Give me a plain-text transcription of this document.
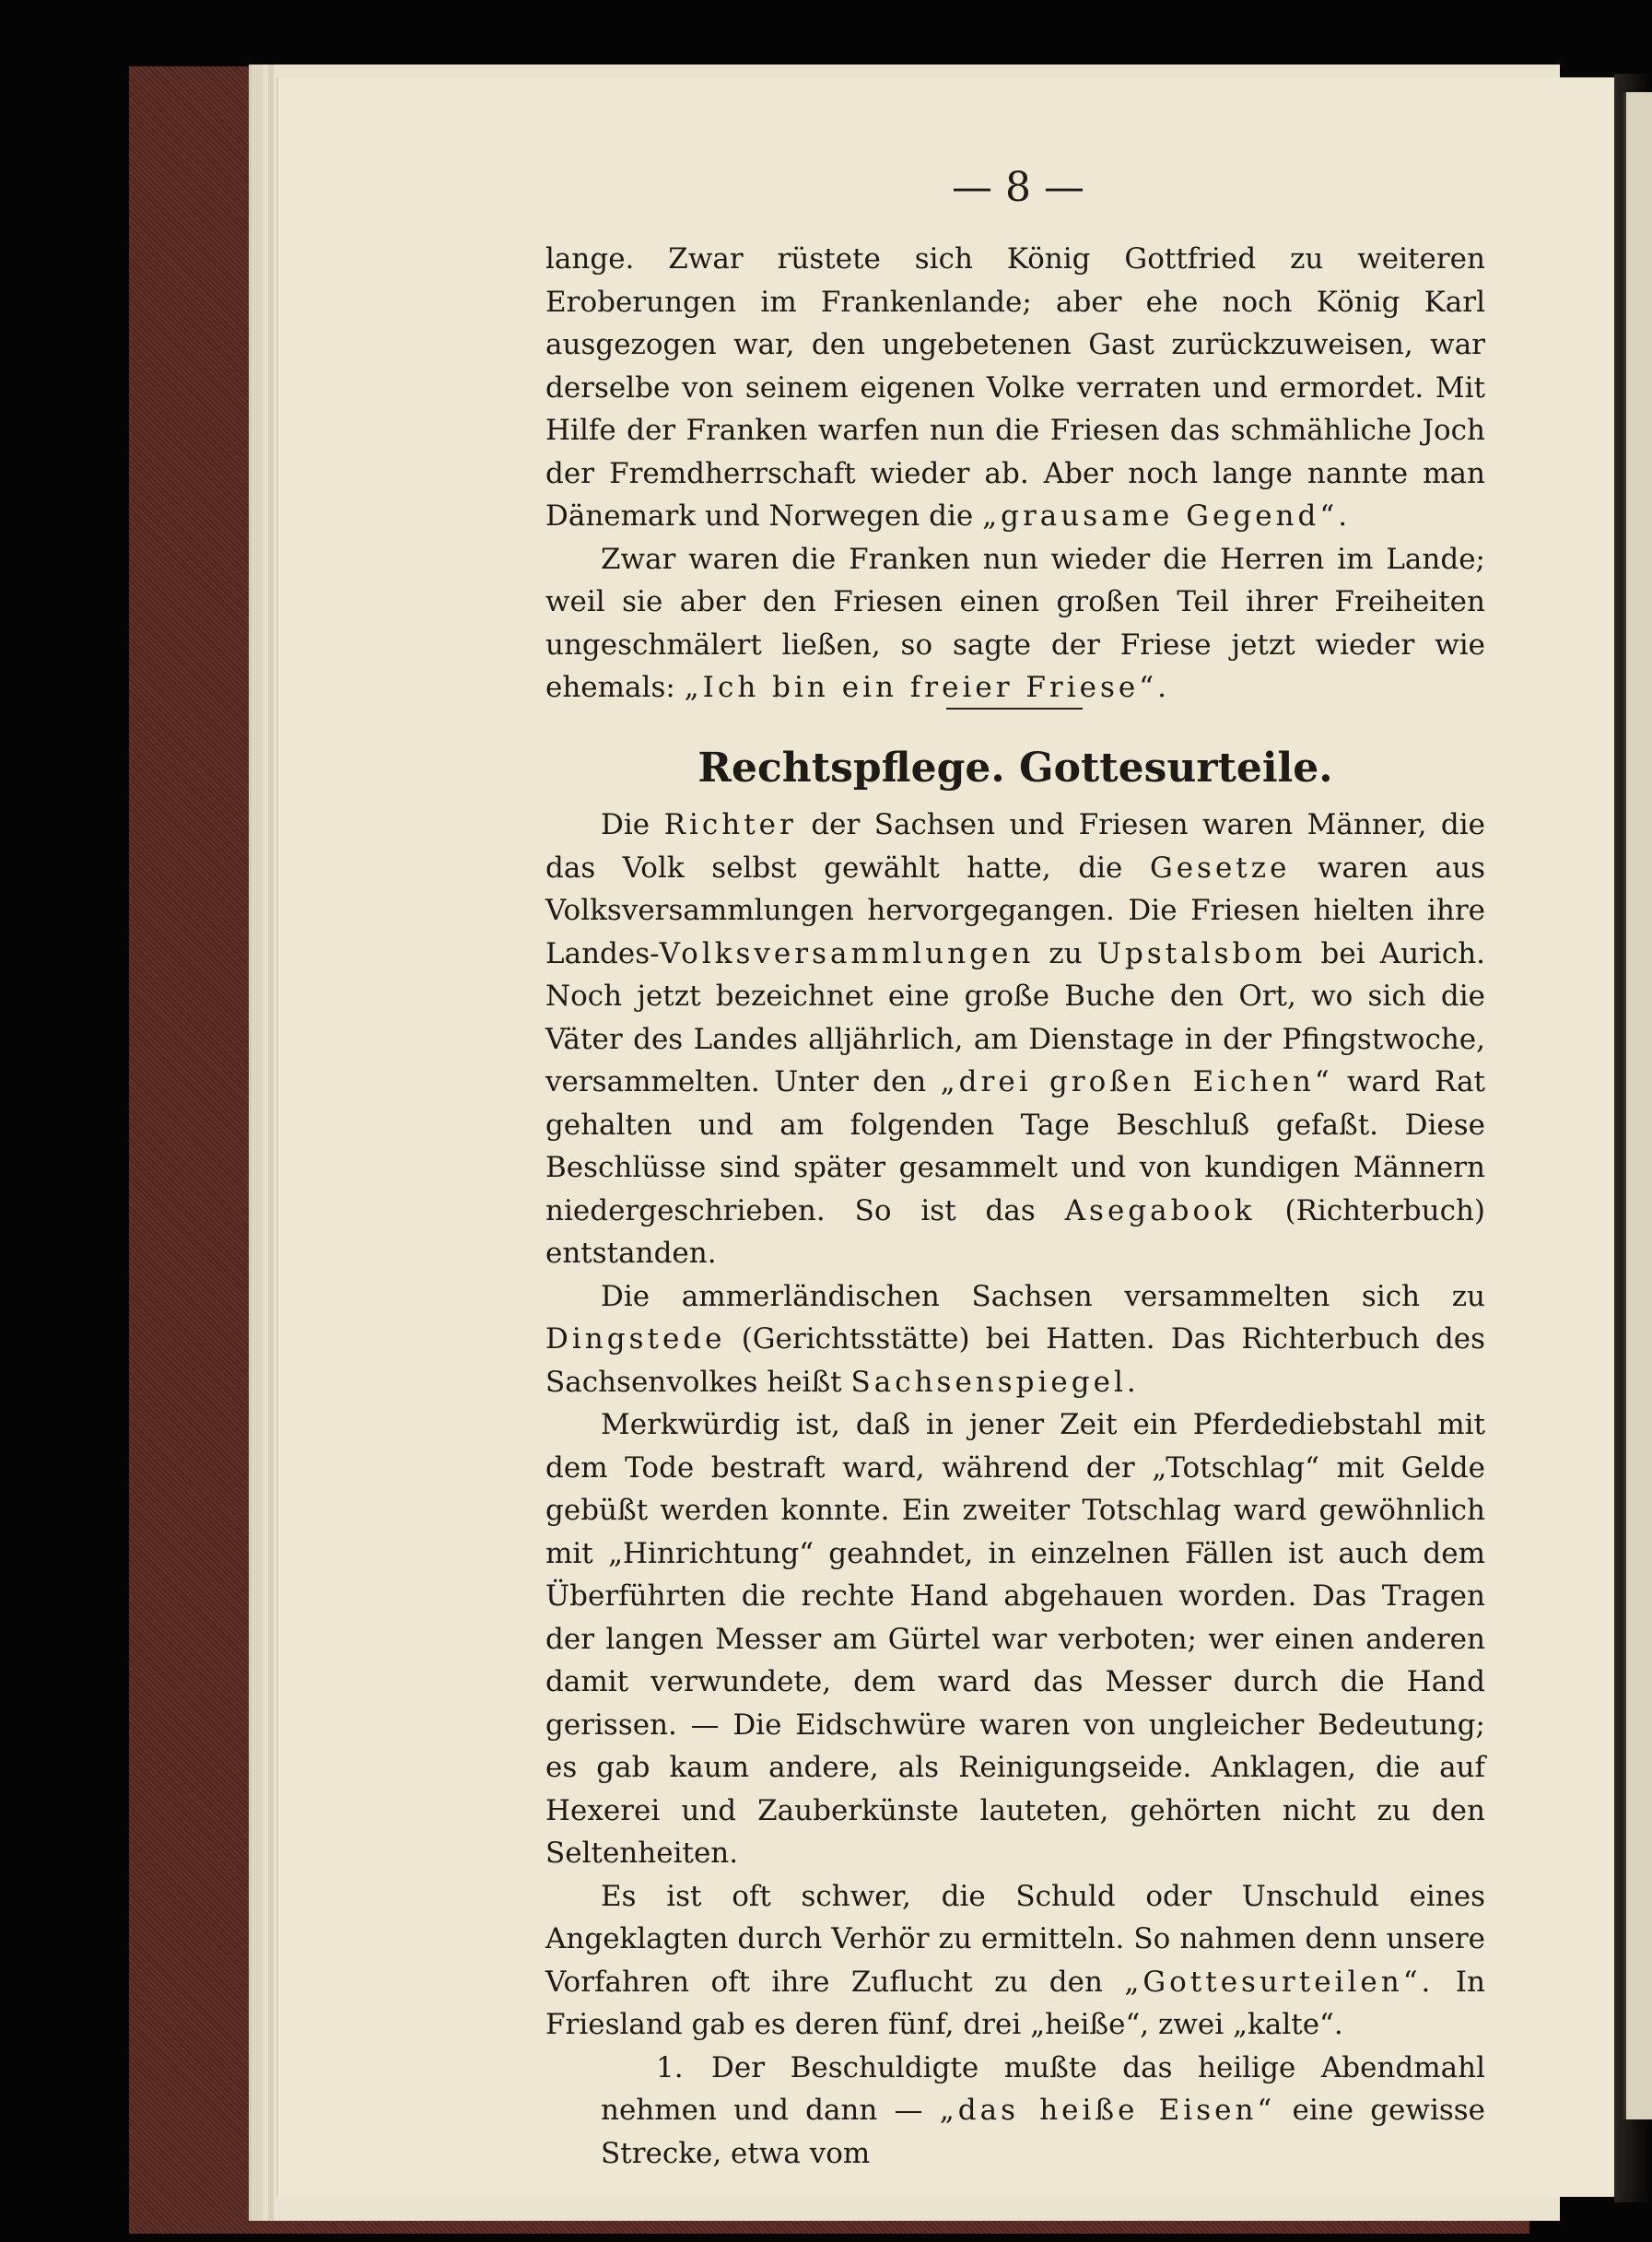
— 8 —

lange. Zwar rüstete sich König Gottfried zu weiteren Eroberungen im Frankenlande; aber ehe noch König Karl ausgezogen war, den ungebetenen Gast zurückzuweisen, war derselbe von seinem eigenen Volke verraten und ermordet. Mit Hilfe der Franken warfen nun die Friesen das schmähliche Joch der Fremdherrschaft wieder ab. Aber noch lange nannte man Dänemark und Norwegen die „grausame Gegend“.

Zwar waren die Franken nun wieder die Herren im Lande; weil sie aber den Friesen einen großen Teil ihrer Freiheiten ungeschmälert ließen, so sagte der Friese jetzt wieder wie ehemals: „Ich bin ein freier Friese“.

Rechtspflege. Gottesurteile.

Die Richter der Sachsen und Friesen waren Männer, die das Volk selbst gewählt hatte, die Gesetze waren aus Volksversammlungen hervorgegangen. Die Friesen hielten ihre Landes-Volksversammlungen zu Upstalsbom bei Aurich. Noch jetzt bezeichnet eine große Buche den Ort, wo sich die Väter des Landes alljährlich, am Dienstage in der Pfingstwoche, versammelten. Unter den „drei großen Eichen“ ward Rat gehalten und am folgenden Tage Beschluß gefaßt. Diese Beschlüsse sind später gesammelt und von kundigen Männern niedergeschrieben. So ist das Asegabook (Richterbuch) entstanden.

Die ammerländischen Sachsen versammelten sich zu Dingstede (Gerichtsstätte) bei Hatten. Das Richterbuch des Sachsenvolkes heißt Sachsenspiegel.

Merkwürdig ist, daß in jener Zeit ein Pferdediebstahl mit dem Tode bestraft ward, während der „Totschlag“ mit Gelde gebüßt werden konnte. Ein zweiter Totschlag ward gewöhnlich mit „Hinrichtung“ geahndet, in einzelnen Fällen ist auch dem Überführten die rechte Hand abgehauen worden. Das Tragen der langen Messer am Gürtel war verboten; wer einen anderen damit verwundete, dem ward das Messer durch die Hand gerissen. — Die Eidschwüre waren von ungleicher Bedeutung; es gab kaum andere, als Reinigungseide. Anklagen, die auf Hexerei und Zauberkünste lauteten, gehörten nicht zu den Seltenheiten.

Es ist oft schwer, die Schuld oder Unschuld eines Angeklagten durch Verhör zu ermitteln. So nahmen denn unsere Vorfahren oft ihre Zuflucht zu den „Gottesurteilen“. In Friesland gab es deren fünf, drei „heiße“, zwei „kalte“.

1. Der Beschuldigte mußte das heilige Abendmahl nehmen und dann — „das heiße Eisen“ eine gewisse Strecke, etwa vom
